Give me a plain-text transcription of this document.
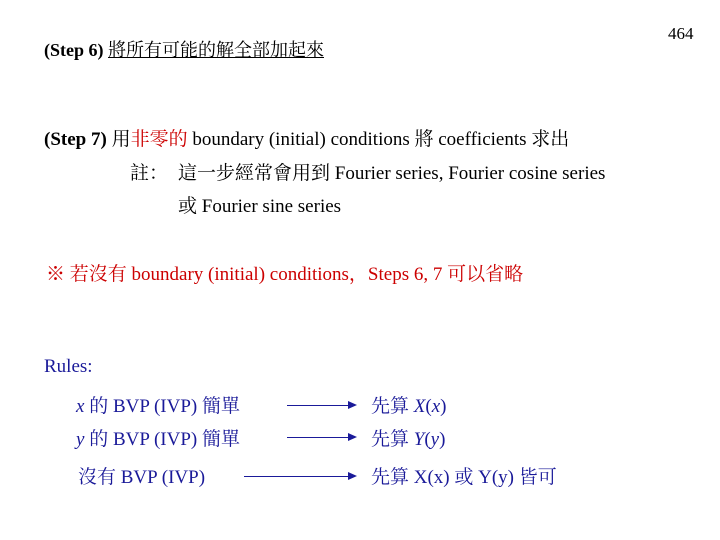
464
(Step 6) 將所有可能的解全部加起來
(Step 7) 用非零的 boundary (initial) conditions 將 coefficients 求出
註： 這一步經常會用到 Fourier series, Fourier cosine series
或 Fourier sine series
※ 若沒有 boundary (initial) conditions，Steps 6, 7 可以省略
Rules:
x 的 BVP (IVP) 簡單	先算 X(x)
y 的 BVP (IVP) 簡單	先算 Y(y)
沒有 BVP (IVP)	先算 X(x) 或 Y(y) 皆可
